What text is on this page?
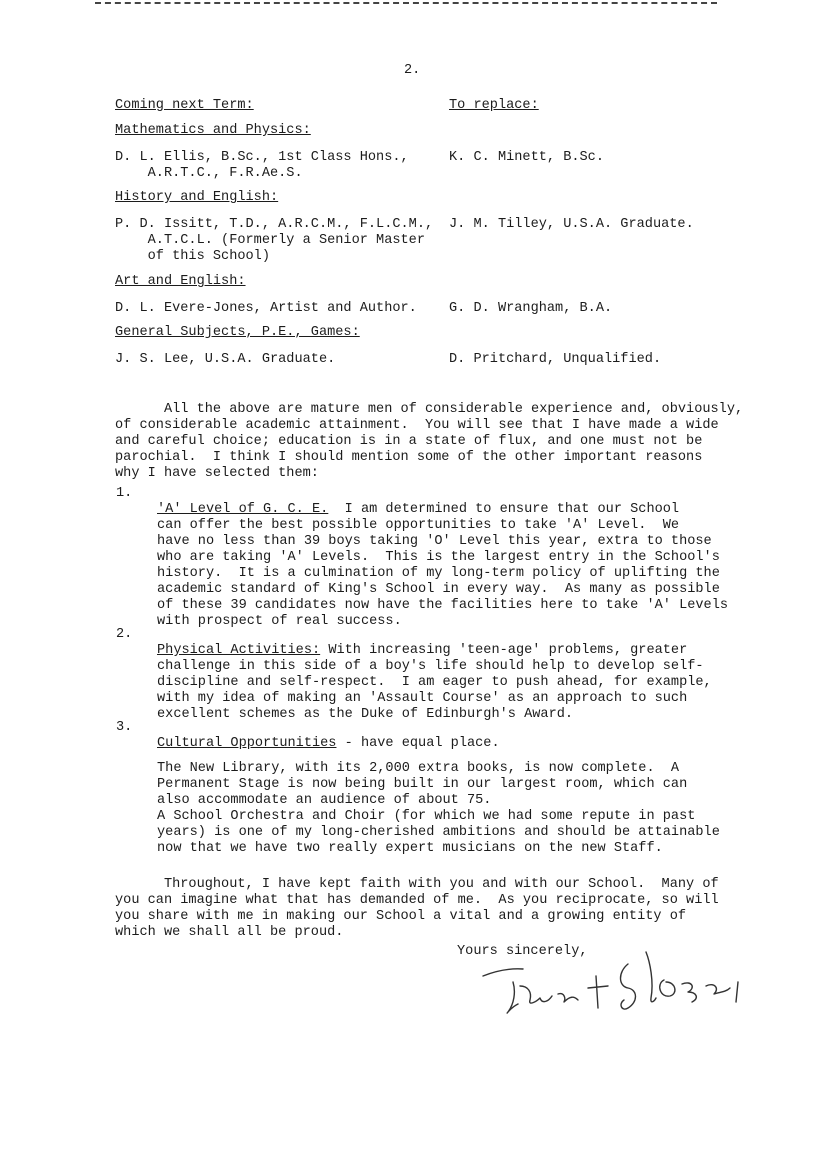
2.
Coming next Term:	To replace:
Mathematics and Physics:
D. L. Ellis, B.Sc., 1st Class Hons.,
A.R.T.C., F.R.Ae.S.
K. C. Minett, B.Sc.
History and English:
P. D. Issitt, T.D., A.R.C.M., F.L.C.M.,
A.T.C.L. (Formerly a Senior Master
of this School)
J. M. Tilley, U.S.A. Graduate.
Art and English:
D. L. Evere-Jones, Artist and Author. G. D. Wrangham, B.A.
General Subjects, P.E., Games:
J. S. Lee, U.S.A. Graduate.	D. Pritchard, Unqualified.

All the above are mature men of considerable experience and, obviously,
of considerable academic attainment.  You will see that I have made a wide
and careful choice; education is in a state of flux, and one must not be
parochial.  I think I should mention some of the other important reasons
why I have selected them:

1.

'A' Level of G. C. E.  I am determined to ensure that our School
can offer the best possible opportunities to take 'A' Level.  We
have no less than 39 boys taking 'O' Level this year, extra to those
who are taking 'A' Levels.  This is the largest entry in the School's
history.  It is a culmination of my long-term policy of uplifting the
academic standard of King's School in every way.  As many as possible
of these 39 candidates now have the facilities here to take 'A' Levels
with prospect of real success.

2.

Physical Activities: With increasing 'teen-age' problems, greater
challenge in this side of a boy's life should help to develop self-
discipline and self-respect.  I am eager to push ahead, for example,
with my idea of making an 'Assault Course' as an approach to such
excellent schemes as the Duke of Edinburgh's Award.

3.

Cultural Opportunities - have equal place.

The New Library, with its 2,000 extra books, is now complete.  A
Permanent Stage is now being built in our largest room, which can
also accommodate an audience of about 75.
A School Orchestra and Choir (for which we had some repute in past
years) is one of my long-cherished ambitions and should be attainable
now that we have two really expert musicians on the new Staff.

Throughout, I have kept faith with you and with our School.  Many of
you can imagine what that has demanded of me.  As you reciprocate, so will
you share with me in making our School a vital and a growing entity of
which we shall all be proud.

Yours sincerely,
